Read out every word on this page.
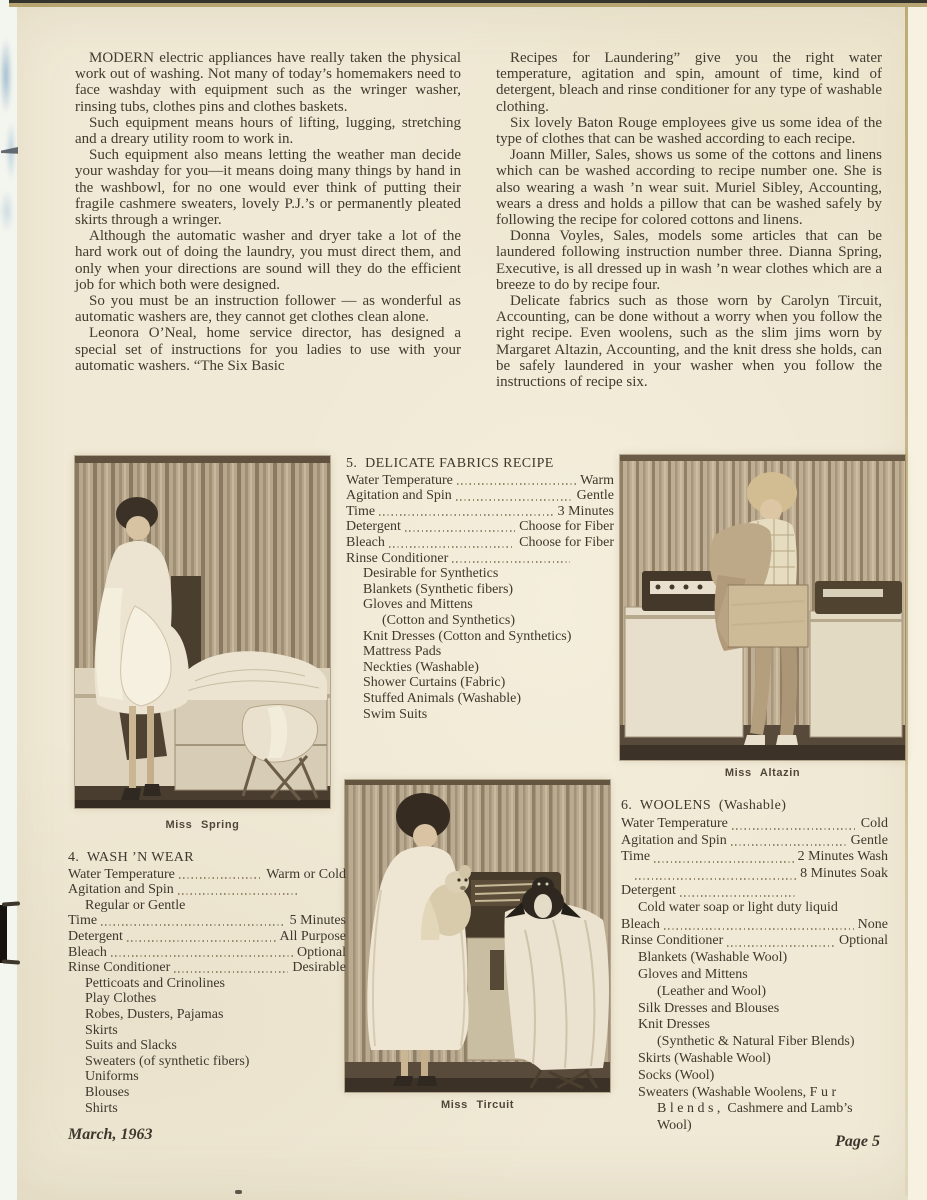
MODERN electric appliances have really taken the physical work out of washing. Not many of today’s homemakers need to face washday with equipment such as the wringer washer, rinsing tubs, clothes pins and clothes baskets.

Such equipment means hours of lifting, lugging, stretching and a dreary utility room to work in.

Such equipment also means letting the weather man decide your washday for you—it means doing many things by hand in the washbowl, for no one would ever think of putting their fragile cashmere sweaters, lovely P.J.’s or permanently pleated skirts through a wringer.

Although the automatic washer and dryer take a lot of the hard work out of doing the laundry, you must direct them, and only when your directions are sound will they do the efficient job for which both were designed.

So you must be an instruction follower — as wonderful as automatic washers are, they cannot get clothes clean alone.

Leonora O’Neal, home service director, has designed a special set of instructions for you ladies to use with your automatic washers. “The Six Basic

Recipes for Laundering” give you the right water temperature, agitation and spin, amount of time, kind of detergent, bleach and rinse conditioner for any type of washable clothing.

Six lovely Baton Rouge employees give us some idea of the type of clothes that can be washed according to each recipe.

Joann Miller, Sales, shows us some of the cottons and linens which can be washed according to recipe number one. She is also wearing a wash ’n wear suit. Muriel Sibley, Accounting, wears a dress and holds a pillow that can be washed safely by following the recipe for colored cottons and linens.

Donna Voyles, Sales, models some articles that can be laundered following instruction number three. Dianna Spring, Executive, is all dressed up in wash ’n wear clothes which are a breeze to do by recipe four.

Delicate fabrics such as those worn by Carolyn Tircuit, Accounting, can be done without a worry when you follow the right recipe. Even woolens, such as the slim jims worn by Margaret Altazin, Accounting, and the knit dress she holds, can be safely laundered in your washer when you follow the instructions of recipe six.

Miss Spring
Miss Altazin
Miss Tircuit
5.  DELICATE FABRICS RECIPE
Water Temperature	Warm
Agitation and Spin	Gentle
Time	3 Minutes
Detergent	Choose for Fiber
Bleach	Choose for Fiber
Rinse Conditioner
Desirable for Synthetics
Blankets (Synthetic fibers)
Gloves and Mittens
(Cotton and Synthetics)
Knit Dresses (Cotton and Synthetics)
Mattress Pads
Neckties (Washable)
Shower Curtains (Fabric)
Stuffed Animals (Washable)
Swim Suits
4.  WASH ’N WEAR
Water Temperature	Warm or Cold
Agitation and Spin
Regular or Gentle
Time	5 Minutes
Detergent	All Purpose
Bleach	Optional
Rinse Conditioner	Desirable
Petticoats and Crinolines
Play Clothes
Robes, Dusters, Pajamas
Skirts
Suits and Slacks
Sweaters (of synthetic fibers)
Uniforms
Blouses
Shirts
6.  WOOLENS  (Washable)
Water Temperature	Cold
Agitation and Spin	Gentle
Time	2 Minutes Wash
8 Minutes Soak
Detergent
Cold water soap or light duty liquid
Bleach	None
Rinse Conditioner	Optional
Blankets (Washable Wool)
Gloves and Mittens
(Leather and Wool)
Silk Dresses and Blouses
Knit Dresses
(Synthetic & Natural Fiber Blends)
Skirts (Washable Wool)
Socks (Wool)
Sweaters (Washable Woolens, F u r
B l e n d s ,  Cashmere and Lamb’s
Wool)
March, 1963	Page 5
